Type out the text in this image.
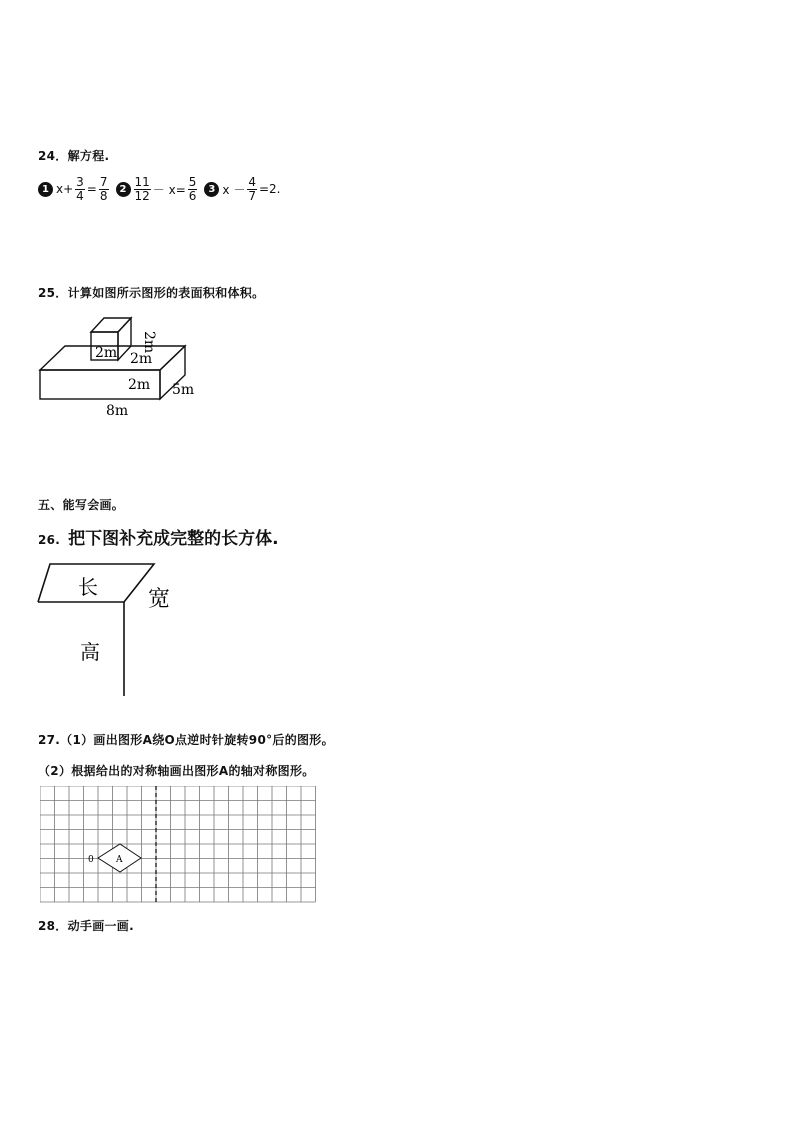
24．解方程.
1 $x+ \frac{3}{4} = \frac{7}{8}$	$2 \frac{11}{12} - x= \frac{5}{6}$	3 $x - \frac{4}{7} =2$.
25．计算如图所示图形的表面积和体积。
2m 2m
2m
2m 5m
8m
五、能写会画。
26. 把下图补充成完整的长方体.
长 宽
高
27.（1）画出图形A绕O点逆时针旋转90°后的图形。
（2）根据给出的对称轴画出图形A的轴对称图形。
0 A
28．动手画一画.
